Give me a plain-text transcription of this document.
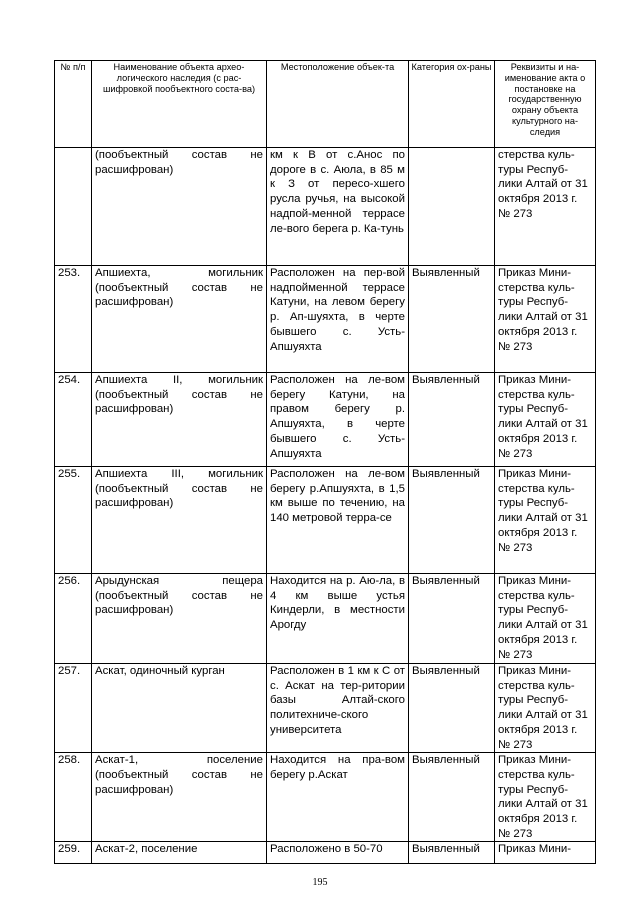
№ п/п	Наименование объекта архео-логического наследия (с рас-шифровкой пообъектного соста-ва)	Местоположение объек-та	Категория ох-раны	Реквизиты и на-именование акта о постановке на государственную охрану объекта культурного на-следия
	(пообъектный состав не расшифрован)	км к В от с.Анос по дороге в с. Аюла, в 85 м к З от пересо-хшего русла ручья, на высокой надпой-менной террасе ле-вого берега р. Ка-тунь		стерства куль-туры Респуб-лики Алтай от 31 октября 2013 г. № 273
253.	Апшиехта, могильник (пообъектный состав не расшифрован)	Расположен на пер-вой надпойменной террасе Катуни, на левом берегу р. Ап-шуяхта, в черте бывшего с. Усть-Апшуяхта	Выявленный	Приказ Мини-стерства куль-туры Респуб-лики Алтай от 31 октября 2013 г. № 273
254.	Апшиехта II, могильник (пообъектный состав не расшифрован)	Расположен на ле-вом берегу Катуни, на правом берегу р. Апшуяхта, в черте бывшего с. Усть-Апшуяхта	Выявленный	Приказ Мини-стерства куль-туры Респуб-лики Алтай от 31 октября 2013 г. № 273
255.	Апшиехта III, могильник (пообъектный состав не расшифрован)	Расположен на ле-вом берегу р.Апшуяхта, в 1,5 км выше по течению, на 140 метровой терра-се	Выявленный	Приказ Мини-стерства куль-туры Респуб-лики Алтай от 31 октября 2013 г. № 273
256.	Арыдунская пещера (пообъектный состав не расшифрован)	Находится на р. Аю-ла, в 4 км выше устья Киндерли, в местности Арогду	Выявленный	Приказ Мини-стерства куль-туры Респуб-лики Алтай от 31 октября 2013 г. № 273
257.	Аскат, одиночный курган	Расположен в 1 км к С от с. Аскат на тер-ритории базы Алтай-ского политехниче-ского университета	Выявленный	Приказ Мини-стерства куль-туры Респуб-лики Алтай от 31 октября 2013 г. № 273
258.	Аскат-1, поселение (пообъектный состав не расшифрован)	Находится на пра-вом берегу р.Аскат	Выявленный	Приказ Мини-стерства куль-туры Респуб-лики Алтай от 31 октября 2013 г. № 273
259.	Аскат-2, поселение	Расположено в 50-70	Выявленный	Приказ Мини-
195
